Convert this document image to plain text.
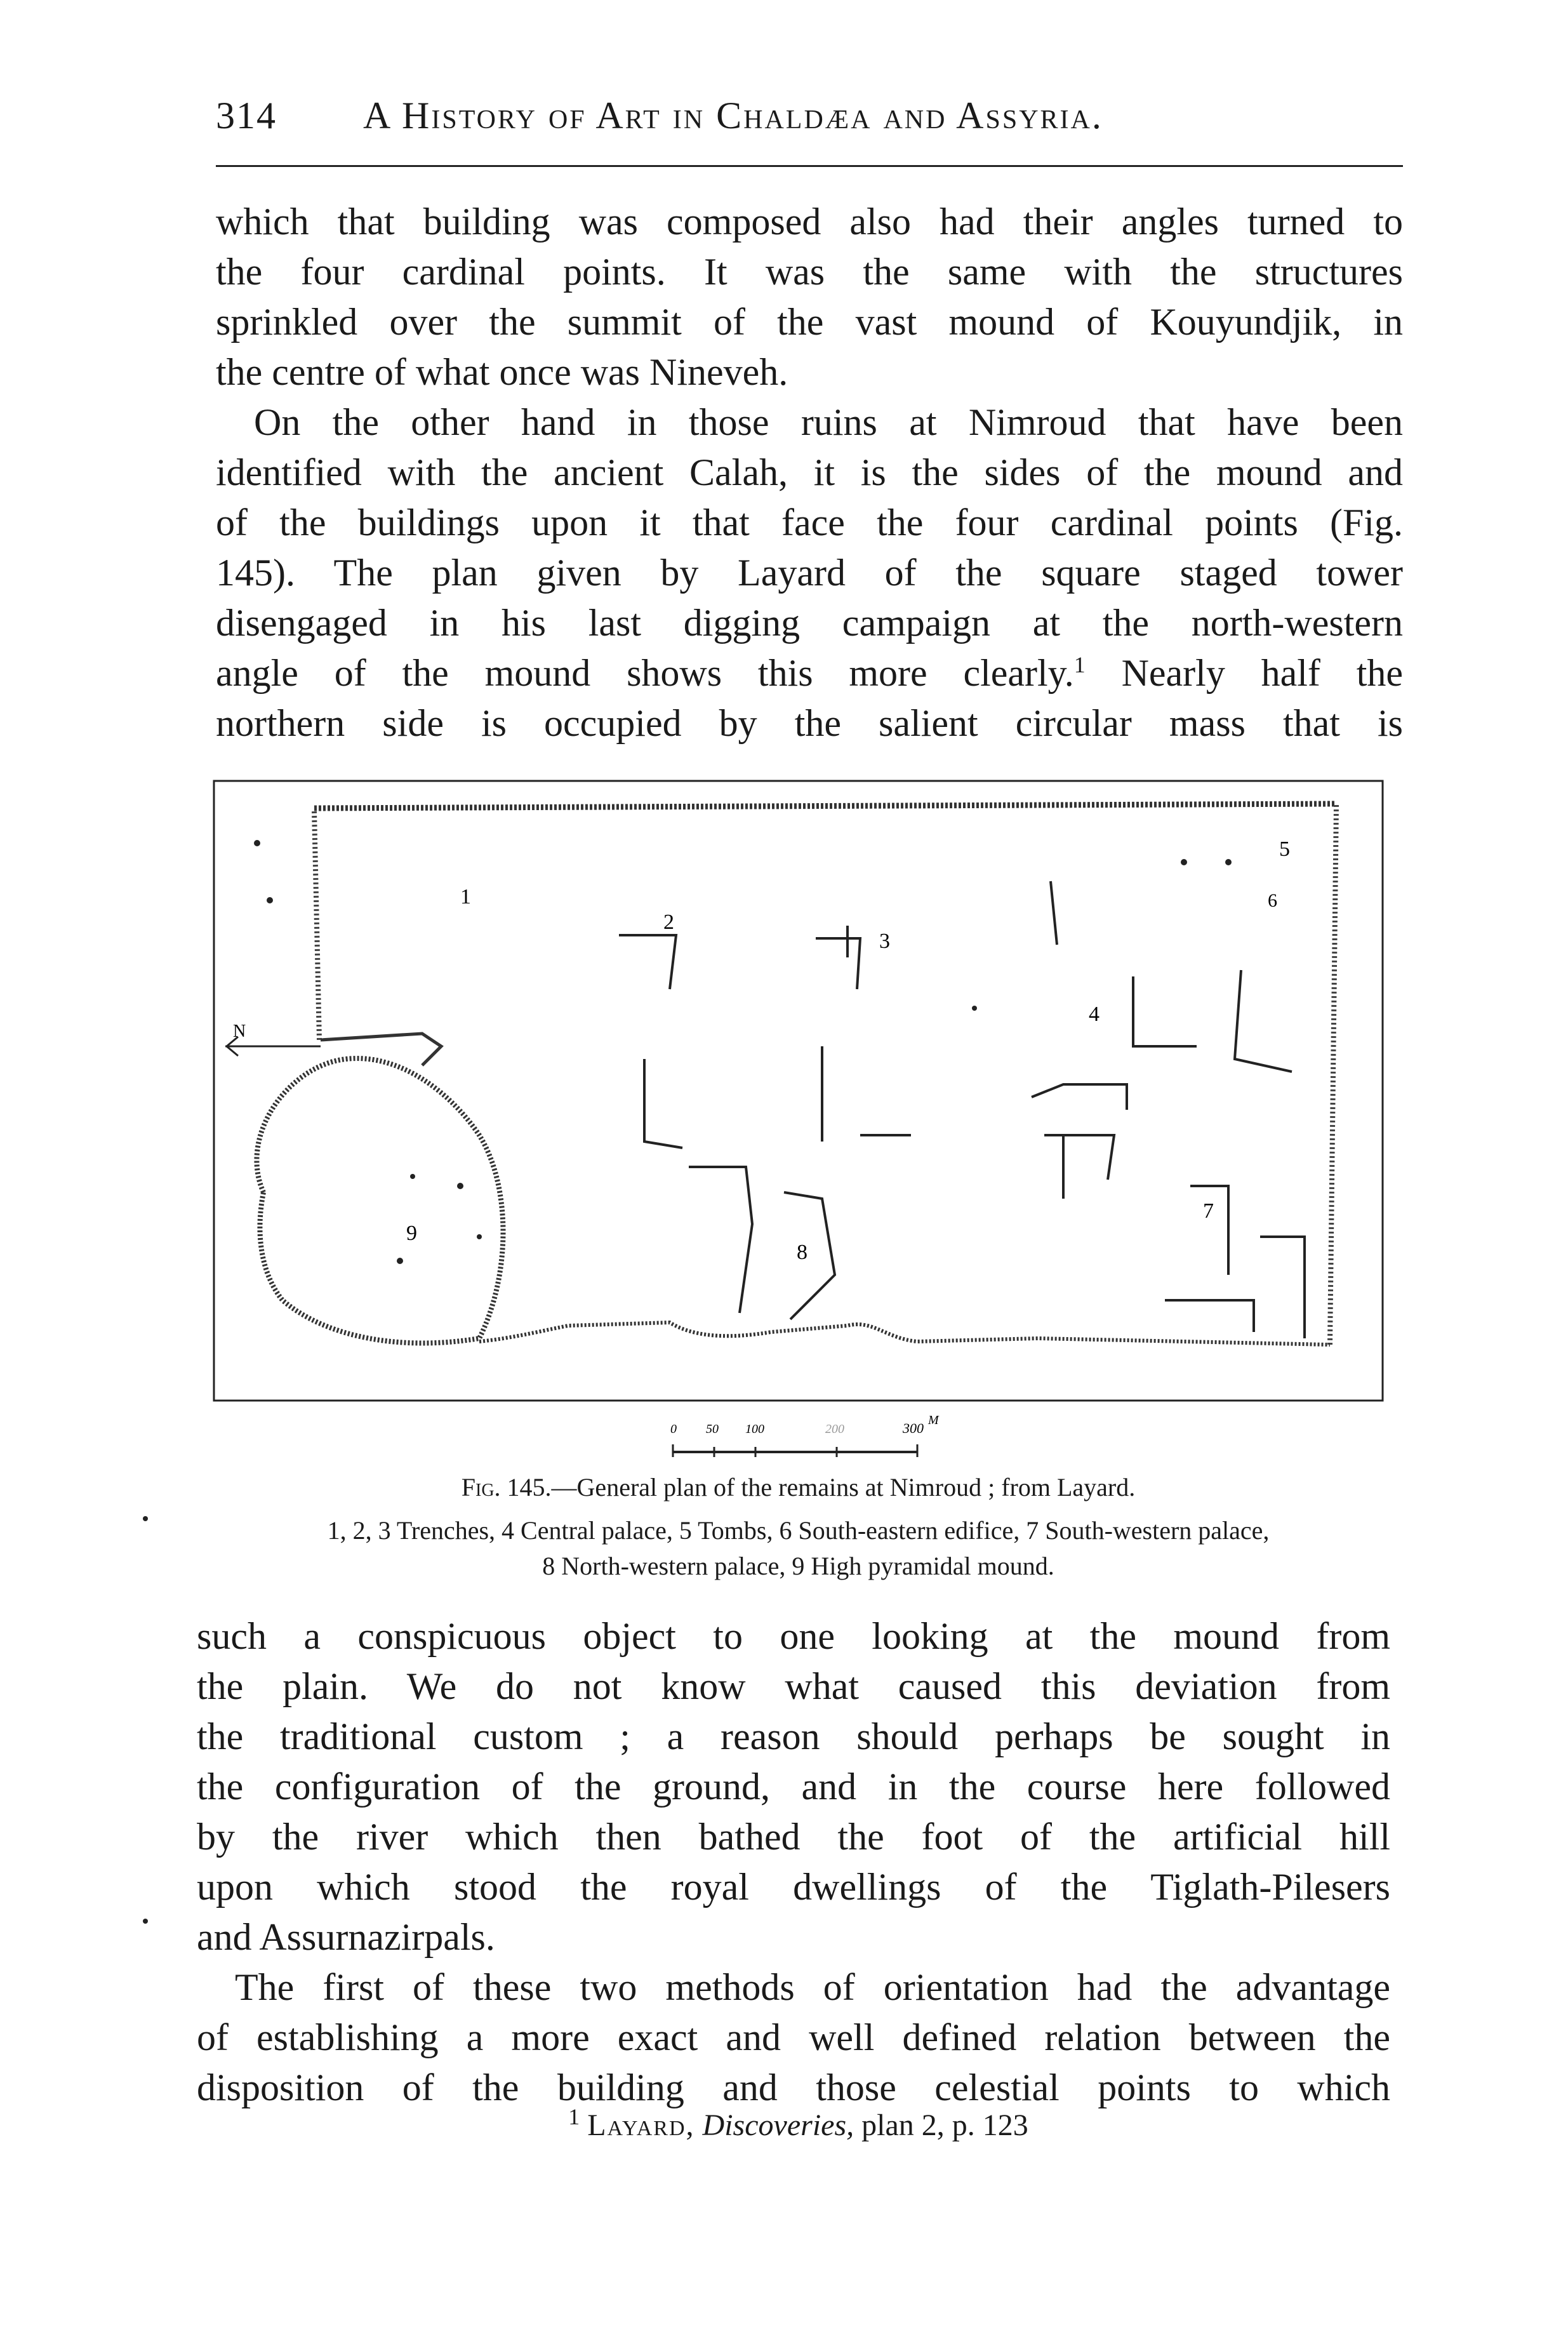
314 A History of Art in Chaldæa and Assyria.

which that building was composed also had their angles turned to
the four cardinal points. It was the same with the structures
sprinkled over the summit of the vast mound of Kouyundjik, in
the centre of what once was Nineveh.

On the other hand in those ruins at Nimroud that have been
identified with the ancient Calah, it is the sides of the mound and
of the buildings upon it that face the four cardinal points (Fig.
145). The plan given by Layard of the square staged tower
disengaged in his last digging campaign at the north-western
angle of the mound shows this more clearly.$^1$ Nearly half the
northern side is occupied by the salient circular mass that is

N
1
2
3
4
5
6
7
8
9
0 50 100	200	300 M
Fig. 145.—General plan of the remains at Nimroud ; from Layard.
1, 2, 3 Trenches, 4 Central palace, 5 Tombs, 6 South-eastern edifice, 7 South-western palace,
8 North-western palace, 9 High pyramidal mound.

such a conspicuous object to one looking at the mound from
the plain. We do not know what caused this deviation from
the traditional custom ; a reason should perhaps be sought in
the configuration of the ground, and in the course here followed
by the river which then bathed the foot of the artificial hill
upon which stood the royal dwellings of the Tiglath-Pilesers
and Assurnazirpals.

The first of these two methods of orientation had the advantage
of establishing a more exact and well defined relation between the
disposition of the building and those celestial points to which

$^1$ Layard, Discoveries, plan 2, p. 123
